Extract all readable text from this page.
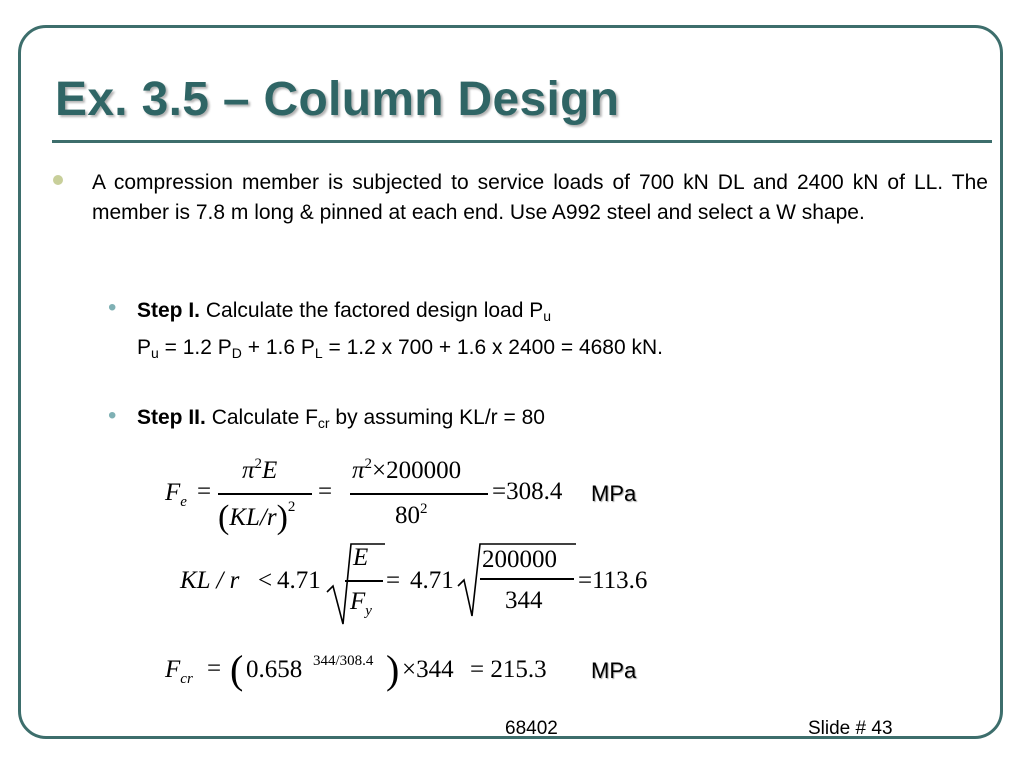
Ex. 3.5 – Column Design
A compression member is subjected to service loads of 700 kN DL and 2400 kN of LL. The member is 7.8 m long & pinned at each end. Use A992 steel and select a W shape.
• Step I. Calculate the factored design load $P_u$
$P_u = 1.2$ $P_D + 1.6$ $P_L = 1.2$ x 700 + 1.6 x 2400 = 4680 kN.
• Step II. Calculate $F_{cr}$ by assuming KL/r = 80
$F_e$ =
$\pi^2E$
$(KL/r)^2$
=
$\pi^2\times 200000$
$80^2$
=308.4 MPa
KL / r < 4.71
E
$F_y$
= 4.71
200000
344
=113.6
$F_{cr}$ = ( 0.658 344/308.4 ) ×344 = 215.3 MPa
68402	Slide # 43
